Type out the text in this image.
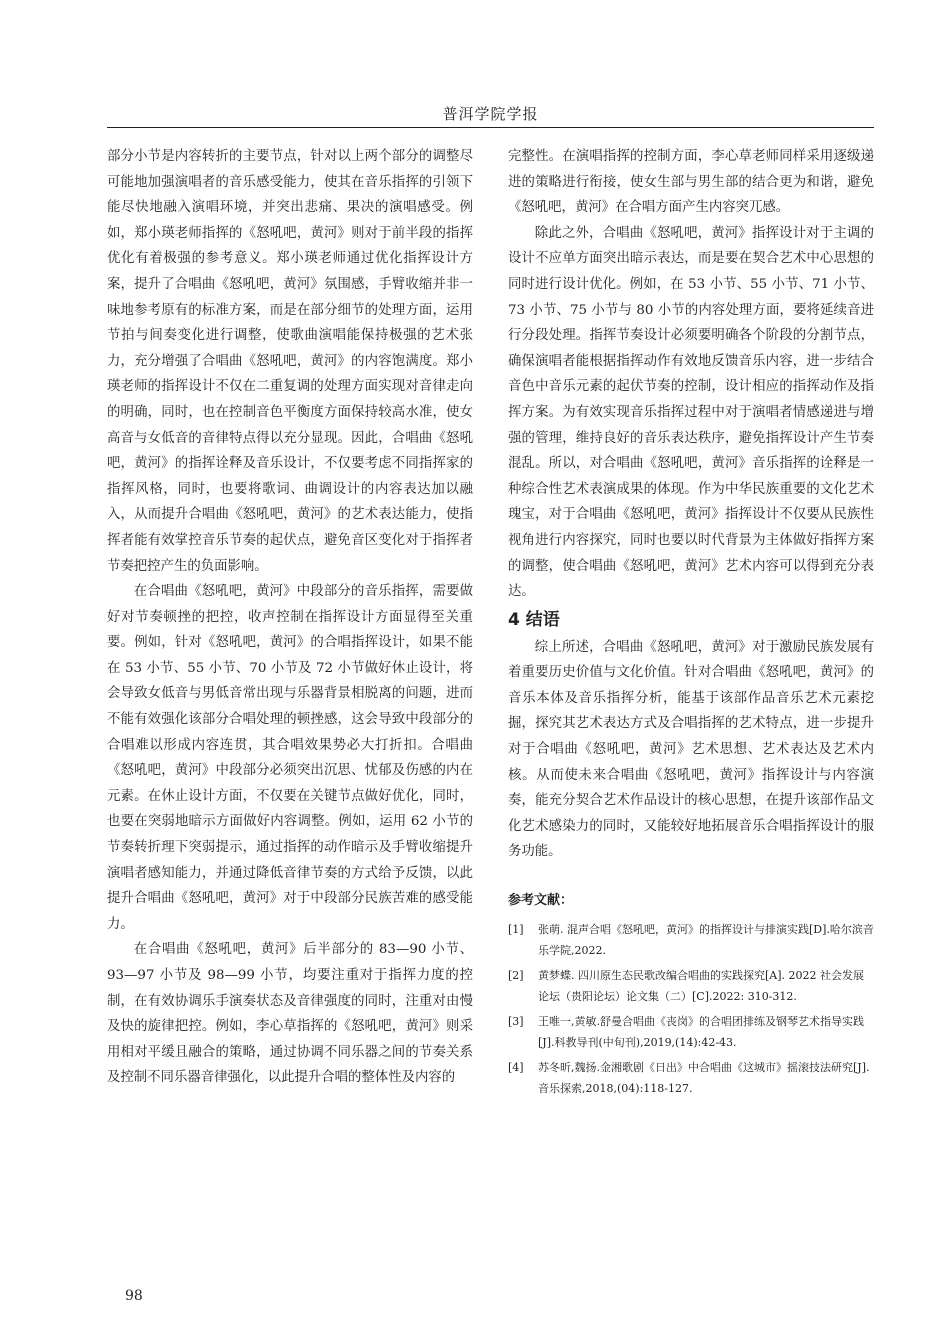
普洱学院学报

部分小节是内容转折的主要节点，针对以上两个部分的调整尽可能地加强演唱者的音乐感受能力，使其在音乐指挥的引领下能尽快地融入演唱环境，并突出悲痛、果决的演唱感受。例如，郑小瑛老师指挥的《怒吼吧，黄河》则对于前半段的指挥优化有着极强的参考意义。郑小瑛老师通过优化指挥设计方案，提升了合唱曲《怒吼吧，黄河》氛围感，手臂收缩并非一味地参考原有的标准方案，而是在部分细节的处理方面，运用节拍与间奏变化进行调整，使歌曲演唱能保持极强的艺术张力，充分增强了合唱曲《怒吼吧，黄河》的内容饱满度。郑小瑛老师的指挥设计不仅在二重复调的处理方面实现对音律走向的明确，同时，也在控制音色平衡度方面保持较高水准，使女高音与女低音的音律特点得以充分显现。因此，合唱曲《怒吼吧，黄河》的指挥诠释及音乐设计，不仅要考虑不同指挥家的指挥风格，同时，也要将歌词、曲调设计的内容表达加以融入，从而提升合唱曲《怒吼吧，黄河》的艺术表达能力，使指挥者能有效掌控音乐节奏的起伏点，避免音区变化对于指挥者节奏把控产生的负面影响。

在合唱曲《怒吼吧，黄河》中段部分的音乐指挥，需要做好对节奏顿挫的把控，收声控制在指挥设计方面显得至关重要。例如，针对《怒吼吧，黄河》的合唱指挥设计，如果不能在 53 小节、55 小节、70 小节及 72 小节做好休止设计，将会导致女低音与男低音常出现与乐器背景相脱离的问题，进而不能有效强化该部分合唱处理的顿挫感，这会导致中段部分的合唱难以形成内容连贯，其合唱效果势必大打折扣。合唱曲《怒吼吧，黄河》中段部分必须突出沉思、忧郁及伤感的内在元素。在休止设计方面，不仅要在关键节点做好优化，同时，也要在突弱地暗示方面做好内容调整。例如，运用 62 小节的节奏转折理下突弱提示，通过指挥的动作暗示及手臂收缩提升演唱者感知能力，并通过降低音律节奏的方式给予反馈，以此提升合唱曲《怒吼吧，黄河》对于中段部分民族苦难的感受能力。

在合唱曲《怒吼吧，黄河》后半部分的 83—90 小节、93—97 小节及 98—99 小节，均要注重对于指挥力度的控制，在有效协调乐手演奏状态及音律强度的同时，注重对由慢及快的旋律把控。例如，李心草指挥的《怒吼吧，黄河》则采用相对平缓且融合的策略，通过协调不同乐器之间的节奏关系及控制不同乐器音律强化，以此提升合唱的整体性及内容的

完整性。在演唱指挥的控制方面，李心草老师同样采用逐级递进的策略进行衔接，使女生部与男生部的结合更为和谐，避免《怒吼吧，黄河》在合唱方面产生内容突兀感。

除此之外，合唱曲《怒吼吧，黄河》指挥设计对于主调的设计不应单方面突出暗示表达，而是要在契合艺术中心思想的同时进行设计优化。例如，在 53 小节、55 小节、71 小节、73 小节、75 小节与 80 小节的内容处理方面，要将延续音进行分段处理。指挥节奏设计必须要明确各个阶段的分割节点，确保演唱者能根据指挥动作有效地反馈音乐内容，进一步结合音色中音乐元素的起伏节奏的控制，设计相应的指挥动作及指挥方案。为有效实现音乐指挥过程中对于演唱者情感递进与增强的管理，维持良好的音乐表达秩序，避免指挥设计产生节奏混乱。所以，对合唱曲《怒吼吧，黄河》音乐指挥的诠释是一种综合性艺术表演成果的体现。作为中华民族重要的文化艺术瑰宝，对于合唱曲《怒吼吧，黄河》指挥设计不仅要从民族性视角进行内容探究，同时也要以时代背景为主体做好指挥方案的调整，使合唱曲《怒吼吧，黄河》艺术内容可以得到充分表达。

4 结语

综上所述，合唱曲《怒吼吧，黄河》对于激励民族发展有着重要历史价值与文化价值。针对合唱曲《怒吼吧，黄河》的音乐本体及音乐指挥分析，能基于该部作品音乐艺术元素挖掘，探究其艺术表达方式及合唱指挥的艺术特点，进一步提升对于合唱曲《怒吼吧，黄河》艺术思想、艺术表达及艺术内核。从而使未来合唱曲《怒吼吧，黄河》指挥设计与内容演奏，能充分契合艺术作品设计的核心思想，在提升该部作品文化艺术感染力的同时，又能较好地拓展音乐合唱指挥设计的服务功能。

参考文献：
[1]	张萌. 混声合唱《怒吼吧，黄河》的指挥设计与排演实践[D].哈尔滨音乐学院,2022.
[2]	黄梦蝶. 四川原生态民歌改编合唱曲的实践探究[A]. 2022 社会发展论坛（贵阳论坛）论文集（二）[C].2022: 310-312.
[3]	王唯一,黄敏.舒曼合唱曲《丧岗》的合唱团排练及钢琴艺术指导实践[J].科教导刊(中旬刊),2019,(14):42-43.
[4]	苏冬昕,魏扬.金湘歌剧《日出》中合唱曲《这城市》摇滚技法研究[J].音乐探索,2018,(04):118-127.
98
